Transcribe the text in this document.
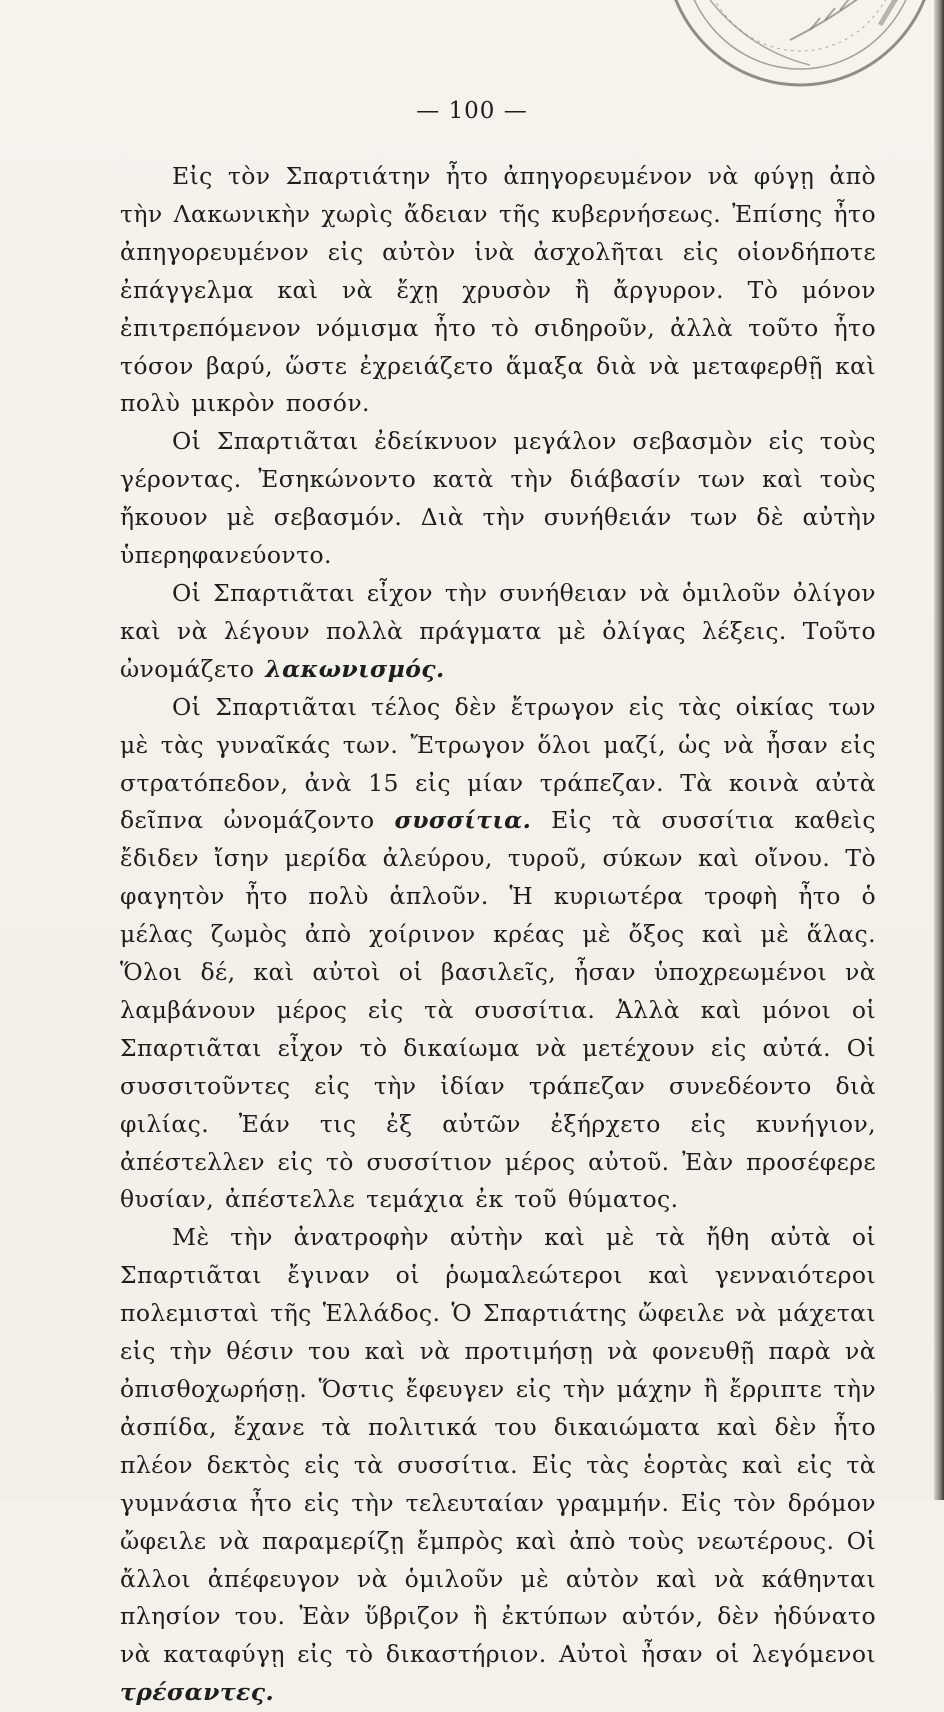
— 100 —

Εἰς τὸν Σπαρτιάτην ἦτο ἀπηγορευμένον νὰ φύγῃ ἀπὸ τὴν Λακωνικὴν χωρὶς ἄδειαν τῆς κυβερνήσεως. Ἐπίσης ἦτο ἀπηγορευμένον εἰς αὐτὸν ἱνὰ ἀσχολῆται εἰς οἱονδήποτε ἐπάγγελμα καὶ νὰ ἔχῃ χρυσὸν ἢ ἄργυρον. Τὸ μόνον ἐπιτρεπόμενον νόμισμα ἦτο τὸ σιδηροῦν, ἀλλὰ τοῦτο ἦτο τόσον βαρύ, ὥστε ἐχρειάζετο ἅμαξα διὰ νὰ μεταφερθῇ καὶ πολὺ μικρὸν ποσόν.

Οἱ Σπαρτιᾶται ἐδείκνυον μεγάλον σεβασμὸν εἰς τοὺς γέροντας. Ἐσηκώνοντο κατὰ τὴν διάβασίν των καὶ τοὺς ἤκουον μὲ σεβασμόν. Διὰ τὴν συνήθειάν των δὲ αὐτὴν ὑπερηφανεύοντο.

Οἱ Σπαρτιᾶται εἶχον τὴν συνήθειαν νὰ ὁμιλοῦν ὀλίγον καὶ νὰ λέγουν πολλὰ πράγματα μὲ ὀλίγας λέξεις. Τοῦτο ὠνομάζετο λακωνισμός.

Οἱ Σπαρτιᾶται τέλος δὲν ἔτρωγον εἰς τὰς οἰκίας των μὲ τὰς γυναῖκάς των. Ἔτρωγον ὅλοι μαζί, ὡς νὰ ἦσαν εἰς στρατόπεδον, ἀνὰ 15 εἰς μίαν τράπεζαν. Τὰ κοινὰ αὐτὰ δεῖπνα ὠνομάζοντο συσσίτια. Εἰς τὰ συσσίτια καθεὶς ἔδιδεν ἴσην μερίδα ἀλεύρου, τυροῦ, σύκων καὶ οἴνου. Τὸ φαγητὸν ἦτο πολὺ ἁπλοῦν. Ἡ κυριωτέρα τροφὴ ἦτο ὁ μέλας ζωμὸς ἀπὸ χοίρινον κρέας μὲ ὄξος καὶ μὲ ἅλας. Ὅλοι δέ, καὶ αὐτοὶ οἱ βασιλεῖς, ἦσαν ὑποχρεωμένοι νὰ λαμβάνουν μέρος εἰς τὰ συσσίτια. Ἀλλὰ καὶ μόνοι οἱ Σπαρτιᾶται εἶχον τὸ δικαίωμα νὰ μετέχουν εἰς αὐτά. Οἱ συσσιτοῦντες εἰς τὴν ἰδίαν τράπεζαν συνεδέοντο διὰ φιλίας. Ἐάν τις ἐξ αὐτῶν ἐξήρχετο εἰς κυνήγιον, ἀπέστελλεν εἰς τὸ συσσίτιον μέρος αὐτοῦ. Ἐὰν προσέφερε θυσίαν, ἀπέστελλε τεμάχια ἐκ τοῦ θύματος.

Μὲ τὴν ἀνατροφὴν αὐτὴν καὶ μὲ τὰ ἤθη αὐτὰ οἱ Σπαρτιᾶται ἔγιναν οἱ ῥωμαλεώτεροι καὶ γενναιότεροι πολεμισταὶ τῆς Ἑλλάδος. Ὁ Σπαρτιάτης ὤφειλε νὰ μάχεται εἰς τὴν θέσιν του καὶ νὰ προτιμήσῃ νὰ φονευθῇ παρὰ νὰ ὀπισθοχωρήσῃ. Ὅστις ἔφευγεν εἰς τὴν μάχην ἢ ἔρριπτε τὴν ἀσπίδα, ἔχανε τὰ πολιτικά του δικαιώματα καὶ δὲν ἦτο πλέον δεκτὸς εἰς τὰ συσσίτια. Εἰς τὰς ἑορτὰς καὶ εἰς τὰ γυμνάσια ἦτο εἰς τὴν τελευταίαν γραμμήν. Εἰς τὸν δρόμον ὤφειλε νὰ παραμερίζῃ ἔμπρὸς καὶ ἀπὸ τοὺς νεωτέρους. Οἱ ἄλλοι ἀπέφευγον νὰ ὁμιλοῦν μὲ αὐτὸν καὶ νὰ κάθηνται πλησίον του. Ἐὰν ὕβριζον ἢ ἐκτύπων αὐτόν, δὲν ἠδύνατο νὰ καταφύγῃ εἰς τὸ δικαστήριον. Αὐτοὶ ἦσαν οἱ λεγόμενοι τρέσαντες.
